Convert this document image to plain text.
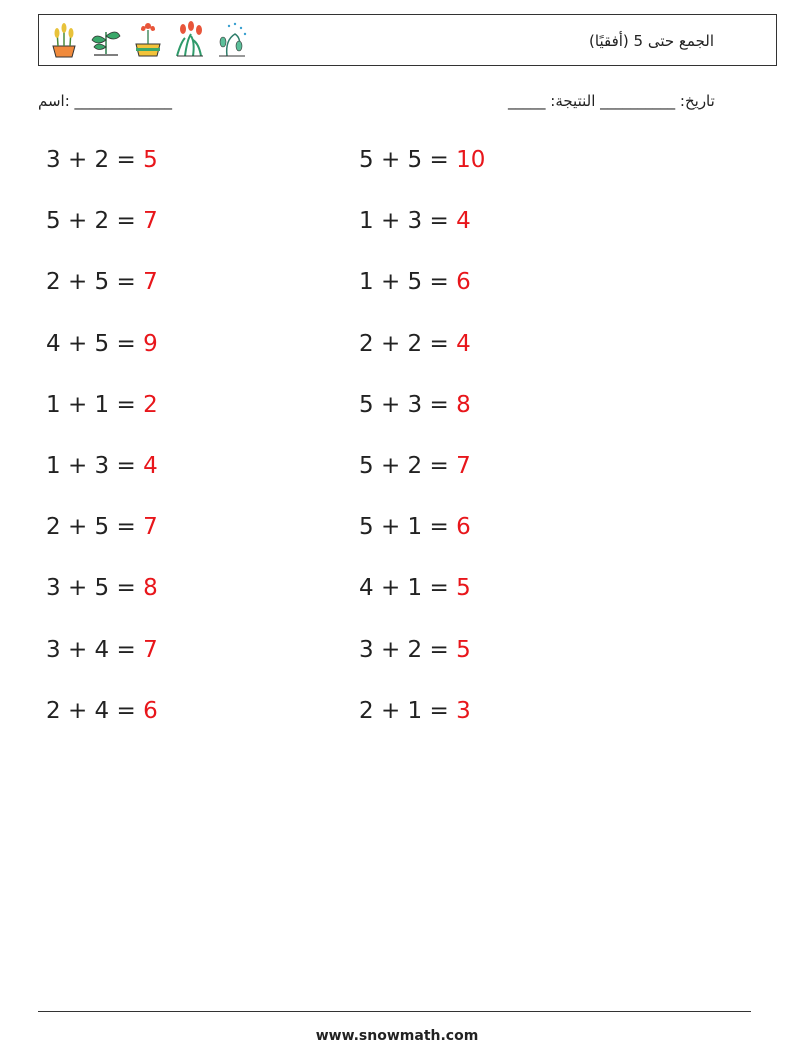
الجمع حتى 5 (أفقيًا)
اسم: _____________	_____ :تاريخ: __________ النتيجة
3 + 2 = 5
5 + 2 = 7
2 + 5 = 7
4 + 5 = 9
1 + 1 = 2
1 + 3 = 4
2 + 5 = 7
3 + 5 = 8
3 + 4 = 7
2 + 4 = 6
5 + 5 = 10
1 + 3 = 4
1 + 5 = 6
2 + 2 = 4
5 + 3 = 8
5 + 2 = 7
5 + 1 = 6
4 + 1 = 5
3 + 2 = 5
2 + 1 = 3
www.snowmath.com
